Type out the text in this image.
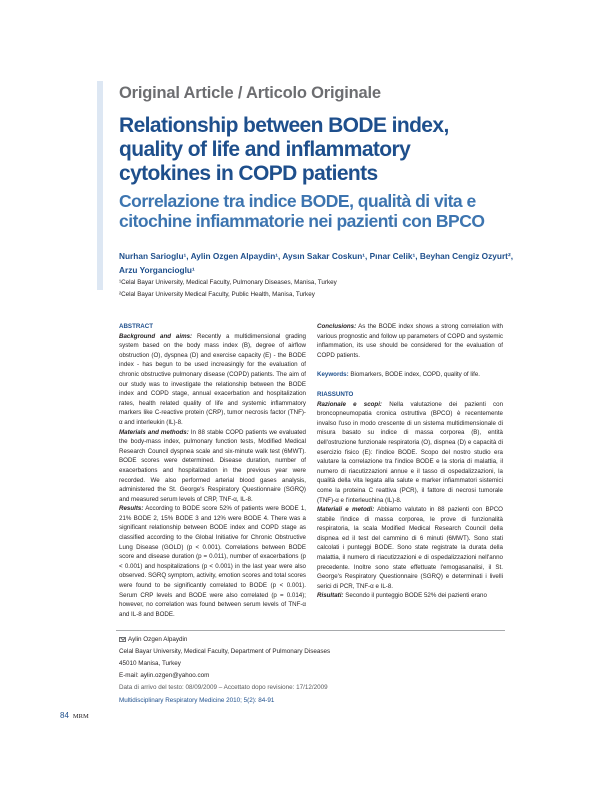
Original Article / Articolo Originale
Relationship between BODE index, quality of life and inflammatory cytokines in COPD patients
Correlazione tra indice BODE, qualità di vita e citochine infiammatorie nei pazienti con BPCO
Nurhan Sarioglu¹, Aylin Ozgen Alpaydin¹, Aysın Sakar Coskun¹, Pınar Celik¹, Beyhan Cengiz Ozyurt²,
Arzu Yorgancioglu¹
¹Celal Bayar University, Medical Faculty, Pulmonary Diseases, Manisa, Turkey
²Celal Bayar University Medical Faculty, Public Health, Manisa, Turkey

ABSTRACT

Background and aims: Recently a multidimensional grading system based on the body mass index (B), degree of airflow obstruction (O), dyspnea (D) and exercise capacity (E) - the BODE index - has begun to be used increasingly for the evaluation of chronic obstructive pulmonary disease (COPD) patients. The aim of our study was to investigate the relationship between the BODE index and COPD stage, annual exacerbation and hospitalization rates, health related quality of life and systemic inflammatory markers like C-reactive protein (CRP), tumor necrosis factor (TNF)-α and interleukin (IL)-8.

Materials and methods: In 88 stable COPD patients we evaluated the body-mass index, pulmonary function tests, Modified Medical Research Council dyspnea scale and six-minute walk test (6MWT). BODE scores were determined. Disease duration, number of exacerbations and hospitalization in the previous year were recorded. We also performed arterial blood gases analysis, administered the St. George's Respiratory Questionnaire (SGRQ) and measured serum levels of CRP, TNF-α, IL-8.

Results: According to BODE score 52% of patients were BODE 1, 21% BODE 2, 15% BODE 3 and 12% were BODE 4. There was a significant relationship between BODE index and COPD stage as classified according to the Global Initiative for Chronic Obstructive Lung Disease (GOLD) (p < 0.001). Correlations between BODE score and disease duration (p = 0.011), number of exacerbations (p < 0.001) and hospitalizations (p < 0.001) in the last year were also observed. SGRQ symptom, activity, emotion scores and total scores were found to be significantly correlated to BODE (p < 0.001). Serum CRP levels and BODE were also correlated (p = 0.014); however, no correlation was found between serum levels of TNF-α and IL-8 and BODE.

Conclusions: As the BODE index shows a strong correlation with various prognostic and follow up parameters of COPD and systemic inflammation, its use should be considered for the evaluation of COPD patients.

Keywords: Biomarkers, BODE index, COPD, quality of life.

RIASSUNTO

Razionale e scopi: Nella valutazione dei pazienti con broncopneumopatia cronica ostruttiva (BPCO) è recentemente invalso l'uso in modo crescente di un sistema multidimensionale di misura basato su indice di massa corporea (B), entità dell'ostruzione funzionale respiratoria (O), dispnea (D) e capacità di esercizio fisico (E): l'indice BODE. Scopo del nostro studio era valutare la correlazione tra l'indice BODE e la storia di malattia, il numero di riacutizzazioni annue e il tasso di ospedalizzazioni, la qualità della vita legata alla salute e marker infiammatori sistemici come la proteina C reattiva (PCR), il fattore di necrosi tumorale (TNF)-α e l'interleuchina (IL)-8.

Materiali e metodi: Abbiamo valutato in 88 pazienti con BPCO stabile l'indice di massa corporea, le prove di funzionalità respiratoria, la scala Modified Medical Research Council della dispnea ed il test del cammino di 6 minuti (6MWT). Sono stati calcolati i punteggi BODE. Sono state registrate la durata della malattia, il numero di riacutizzazioni e di ospedalizzazioni nell'anno precedente. Inoltre sono state effettuate l'emogasanalisi, il St. George's Respiratory Questionnaire (SGRQ) e determinati i livelli serici di PCR, TNF-α e IL-8.

Risultati: Secondo il punteggio BODE 52% dei pazienti erano

Aylin Ozgen Alpaydin
Celal Bayar University, Medical Faculty, Department of Pulmonary Diseases
45010 Manisa, Turkey
E-mail: aylin.ozgen@yahoo.com
Data di arrivo del testo: 08/09/2009 – Accettato dopo revisione: 17/12/2009
Multidisciplinary Respiratory Medicine 2010; 5(2): 84-91
84 MRM
